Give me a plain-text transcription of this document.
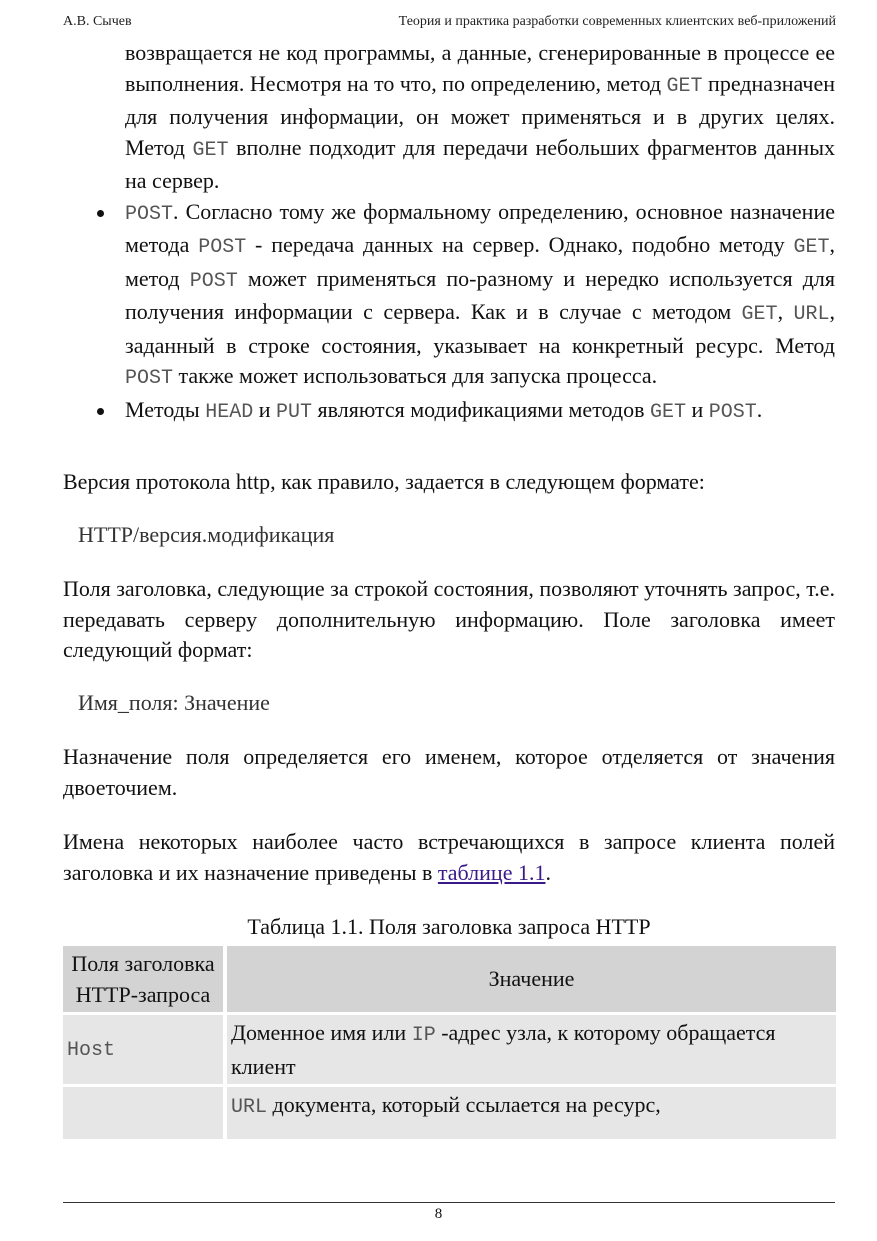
А.В. Сычев	Теория и практика разработки современных клиентских веб-приложений
возвращается не код программы, а данные, сгенерированные в процессе ее выполнения. Несмотря на то что, по определению, метод GET предназначен для получения информации, он может применяться и в других целях. Метод GET вполне подходит для передачи небольших фрагментов данных на сервер.
POST. Согласно тому же формальному определению, основное назначение метода POST - передача данных на сервер. Однако, подобно методу GET, метод POST может применяться по-разному и нередко используется для получения информации с сервера. Как и в случае с методом GET, URL, заданный в строке состояния, указывает на конкретный ресурс. Метод POST также может использоваться для запуска процесса.
Методы HEAD и PUT являются модификациями методов GET и POST.

Версия протокола http, как правило, задается в следующем формате:

HTTP/версия.модификация

Поля заголовка, следующие за строкой состояния, позволяют уточнять запрос, т.е. передавать серверу дополнительную информацию. Поле заголовка имеет следующий формат:

Имя_поля: Значение

Назначение поля определяется его именем, которое отделяется от значения двоеточием.

Имена некоторых наиболее часто встречающихся в запросе клиента полей заголовка и их назначение приведены в таблице 1.1.

Таблица 1.1. Поля заголовка запроса HTTP
Поля заголовка HTTP-запроса	Значение
Host	Доменное имя или IP -адрес узла, к которому обращается клиент
	URL документа, который ссылается на ресурс,
8
